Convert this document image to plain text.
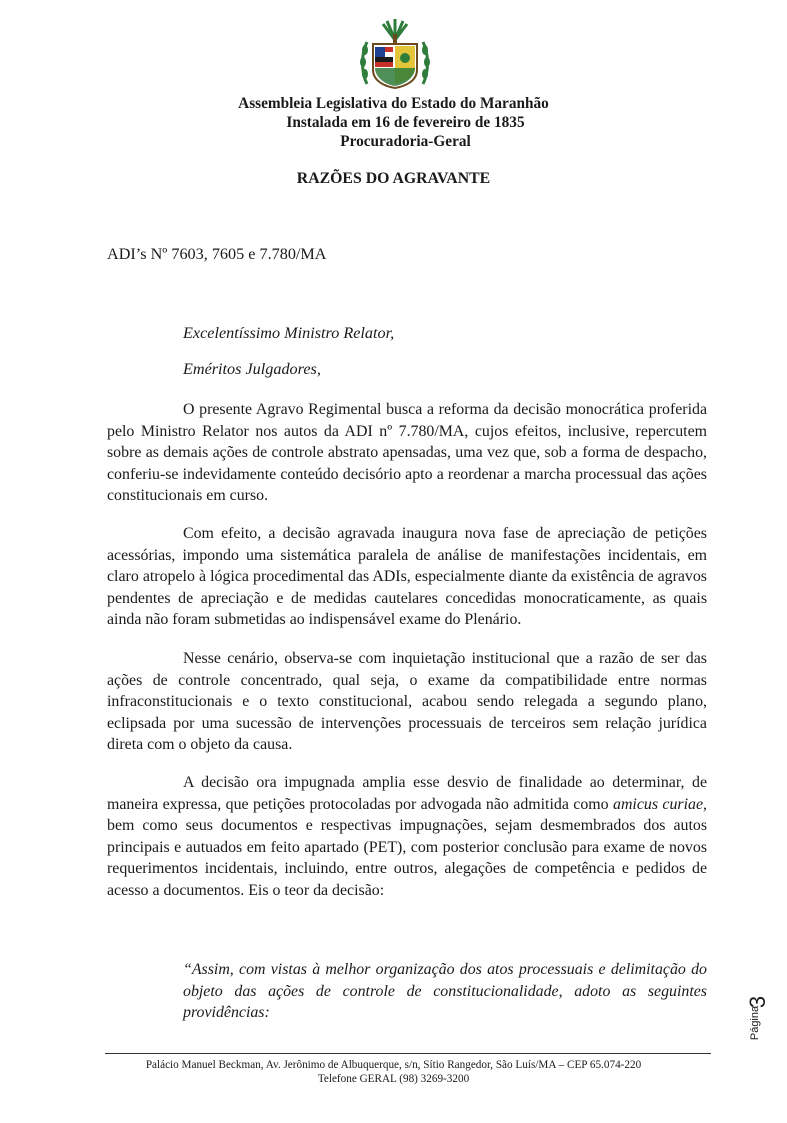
Assembleia Legislativa do Estado do Maranhão
Instalada em 16 de fevereiro de 1835
Procuradoria-Geral
RAZÕES DO AGRAVANTE
ADI’s Nº 7603, 7605 e 7.780/MA
Excelentíssimo Ministro Relator,
Eméritos Julgadores,

O presente Agravo Regimental busca a reforma da decisão monocrática proferida pelo Ministro Relator nos autos da ADI nº 7.780/MA, cujos efeitos, inclusive, repercutem sobre as demais ações de controle abstrato apensadas, uma vez que, sob a forma de despacho, conferiu-se indevidamente conteúdo decisório apto a reordenar a marcha processual das ações constitucionais em curso.

Com efeito, a decisão agravada inaugura nova fase de apreciação de petições acessórias, impondo uma sistemática paralela de análise de manifestações incidentais, em claro atropelo à lógica procedimental das ADIs, especialmente diante da existência de agravos pendentes de apreciação e de medidas cautelares concedidas monocraticamente, as quais ainda não foram submetidas ao indispensável exame do Plenário.

Nesse cenário, observa-se com inquietação institucional que a razão de ser das ações de controle concentrado, qual seja, o exame da compatibilidade entre normas infraconstitucionais e o texto constitucional, acabou sendo relegada a segundo plano, eclipsada por uma sucessão de intervenções processuais de terceiros sem relação jurídica direta com o objeto da causa.

A decisão ora impugnada amplia esse desvio de finalidade ao determinar, de maneira expressa, que petições protocoladas por advogada não admitida como amicus curiae, bem como seus documentos e respectivas impugnações, sejam desmembrados dos autos principais e autuados em feito apartado (PET), com posterior conclusão para exame de novos requerimentos incidentais, incluindo, entre outros, alegações de competência e pedidos de acesso a documentos. Eis o teor da decisão:

“Assim, com vistas à melhor organização dos atos processuais e delimitação do objeto das ações de controle de constitucionalidade, adoto as seguintes providências:	Página
3
Palácio Manuel Beckman, Av. Jerônimo de Albuquerque, s/n, Sítio Rangedor, São Luís/MA – CEP 65.074-220
Telefone GERAL (98) 3269-3200
